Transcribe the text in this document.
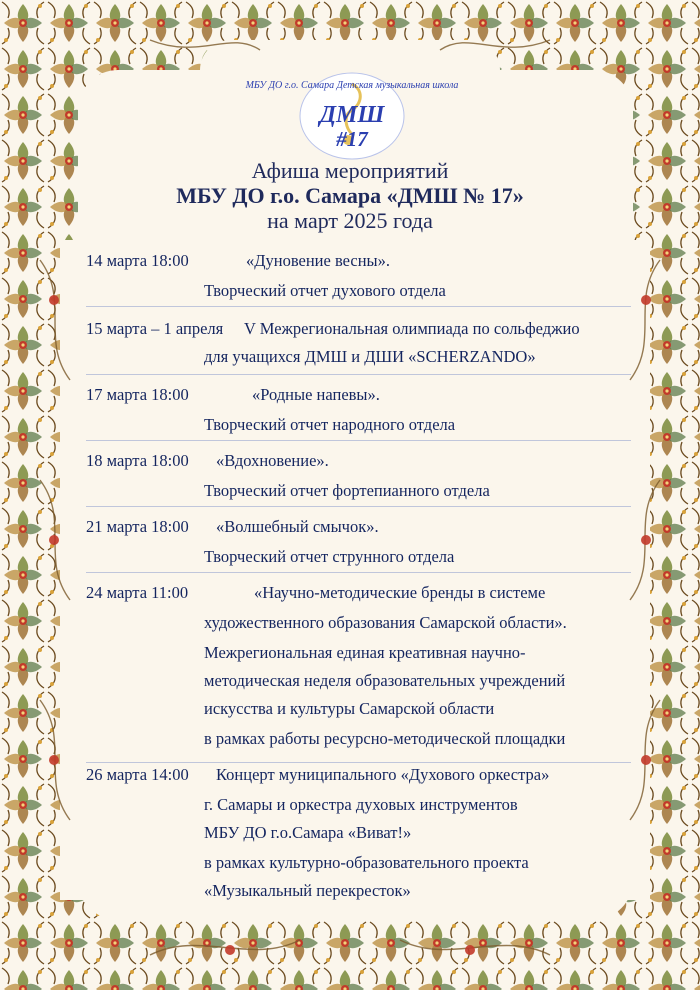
МБУ ДО г.о. Самара Детская музыкальная школа
ДМШ
#17
Афиша мероприятий
МБУ ДО г.о. Самара «ДМШ № 17»
на март 2025 года
14 марта 18:00	«Дуновение весны».
Творческий отчет духового отдела
15 марта – 1 апреля V Межрегиональная олимпиада по сольфеджио
для учащихся ДМШ и ДШИ «SCHERZANDO»
17 марта 18:00	«Родные напевы».
Творческий отчет народного отдела
18 марта 18:00 «Вдохновение».
Творческий отчет фортепианного отдела
21 марта 18:00 «Волшебный смычок».
Творческий отчет струнного отдела
24 марта 11:00	«Научно-методические бренды в системе
художественного образования Самарской области».
Межрегиональная единая креативная научно-
методическая неделя образовательных учреждений
искусства и культуры Самарской области
в рамках работы ресурсно-методической площадки
26 марта 14:00 Концерт муниципального «Духового оркестра»
г. Самары и оркестра духовых инструментов
МБУ ДО г.о.Самара «Виват!»
в рамках культурно-образовательного проекта
«Музыкальный перекресток»
